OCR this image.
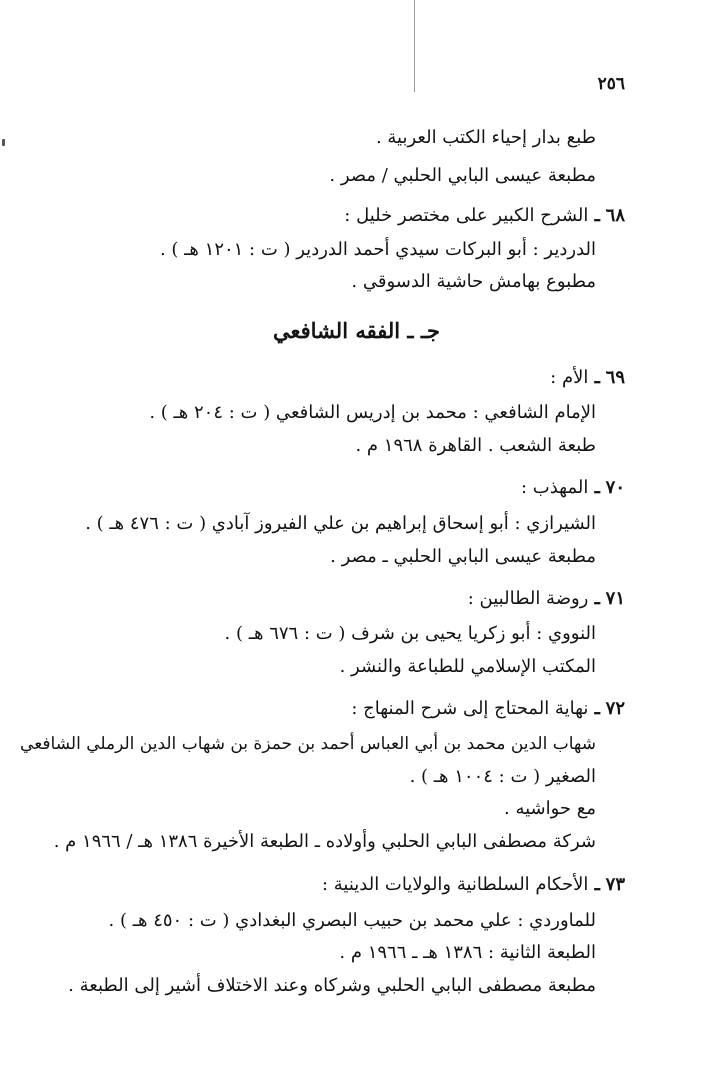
٢٥٦

طبع بدار إحياء الكتب العربية .

مطبعة عيسى البابي الحلبي / مصر .

٦٨ ـ الشرح الكبير على مختصر خليل :

الدردير : أبو البركات سيدي أحمد الدردير ( ت : ١٢٠١ هـ ) .

مطبوع بهامش حاشية الدسوقي .

جـ ـ الفقه الشافعي

٦٩ ـ الأم :

الإمام الشافعي : محمد بن إدريس الشافعي ( ت : ٢٠٤ هـ ) .

طبعة الشعب . القاهرة ١٩٦٨ م .

٧٠ ـ المهذب :

الشيرازي : أبو إسحاق إبراهيم بن علي الفيروز آبادي ( ت : ٤٧٦ هـ ) .

مطبعة عيسى البابي الحلبي ـ مصر .

٧١ ـ روضة الطالبين :

النووي : أبو زكريا يحيى بن شرف ( ت : ٦٧٦ هـ ) .

المكتب الإسلامي للطباعة والنشر .

٧٢ ـ نهاية المحتاج إلى شرح المنهاج :

شهاب الدين محمد بن أبي العباس أحمد بن حمزة بن شهاب الدين الرملي الشافعي

الصغير ( ت : ١٠٠٤ هـ ) .

مع حواشيه .

شركة مصطفى البابي الحلبي وأولاده ـ الطبعة الأخيرة ١٣٨٦ هـ / ١٩٦٦ م .

٧٣ ـ الأحكام السلطانية والولايات الدينية :

للماوردي : علي محمد بن حبيب البصري البغدادي ( ت : ٤٥٠ هـ ) .

الطبعة الثانية : ١٣٨٦ هـ ـ ١٩٦٦ م .

مطبعة مصطفى البابي الحلبي وشركاه وعند الاختلاف أشير إلى الطبعة .
